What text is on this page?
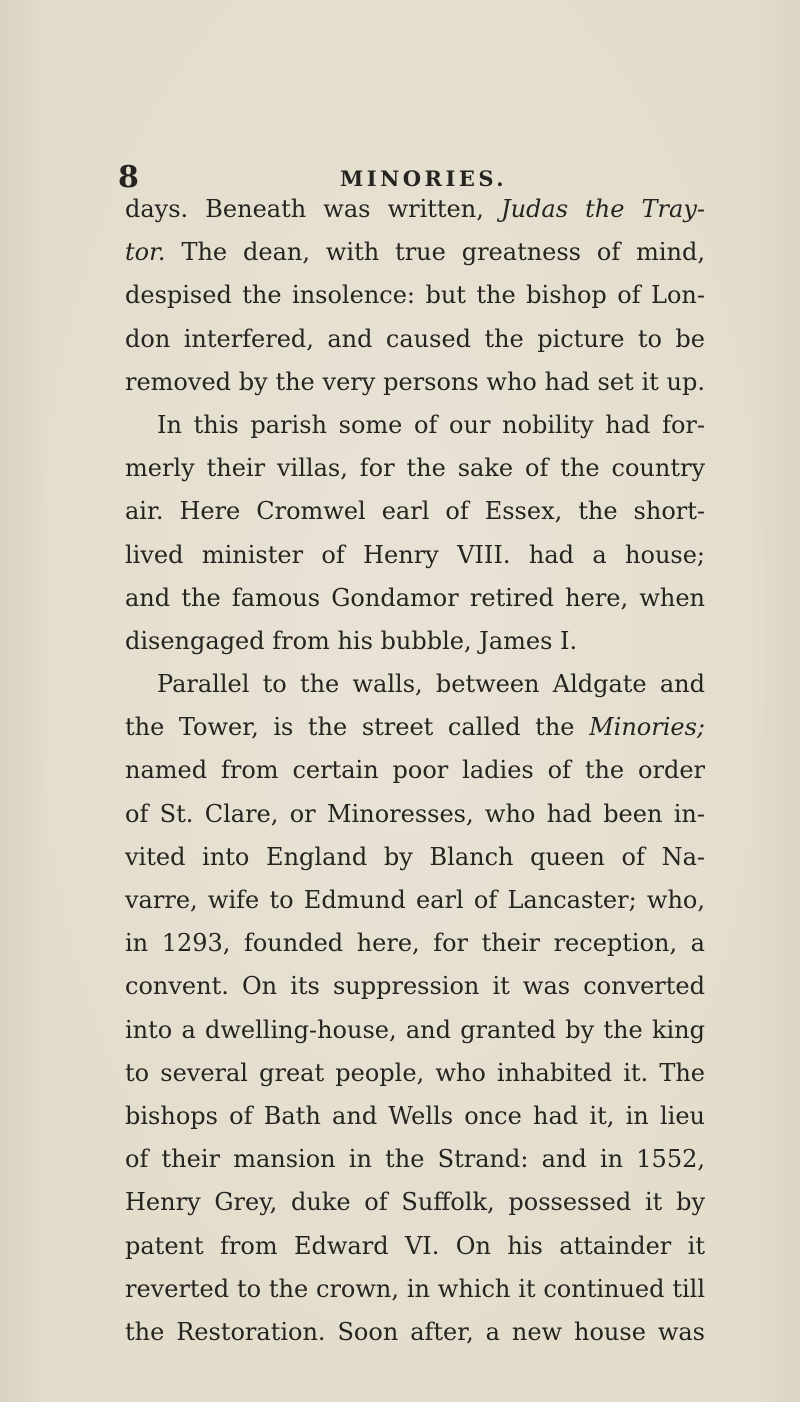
8	MINORIES.
days. Beneath was written, Judas the Tray-
tor. The dean, with true greatness of mind,
despised the insolence: but the bishop of Lon-
don interfered, and caused the picture to be
removed by the very persons who had set it up.
In this parish some of our nobility had for-
merly their villas, for the sake of the country
air. Here Cromwel earl of Essex, the short-
lived minister of Henry VIII. had a house;
and the famous Gondamor retired here, when
disengaged from his bubble, James I.
Parallel to the walls, between Aldgate and
the Tower, is the street called the Minories;
named from certain poor ladies of the order
of St. Clare, or Minoresses, who had been in-
vited into England by Blanch queen of Na-
varre, wife to Edmund earl of Lancaster; who,
in 1293, founded here, for their reception, a
convent. On its suppression it was converted
into a dwelling-house, and granted by the king
to several great people, who inhabited it. The
bishops of Bath and Wells once had it, in lieu
of their mansion in the Strand: and in 1552,
Henry Grey, duke of Suffolk, possessed it by
patent from Edward VI. On his attainder it
reverted to the crown, in which it continued till
the Restoration. Soon after, a new house was
